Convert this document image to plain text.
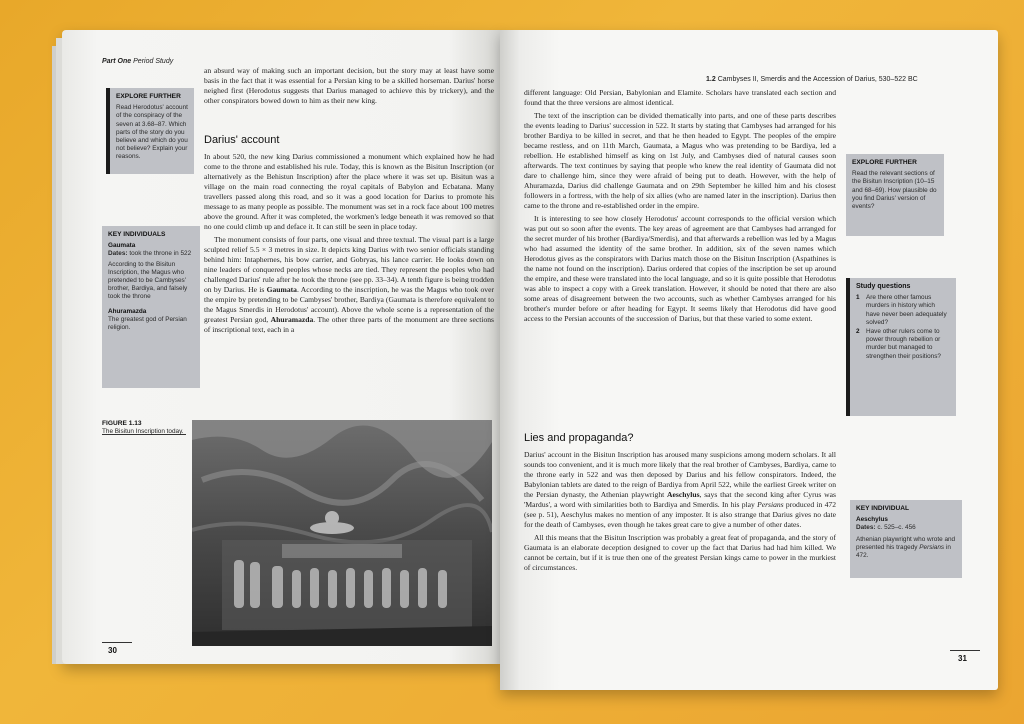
Part One Period Study

an absurd way of making such an important decision, but the story may at least have some basis in the fact that it was essential for a Persian king to be a skilled horseman. Darius' horse neighed first (Herodotus suggests that Darius managed to achieve this by trickery), and the other conspirators bowed down to him as their new king.

EXPLORE FURTHER
Read Herodotus' account of the conspiracy of the seven at 3.68–87. Which parts of the story do you believe and which do you not believe? Explain your reasons.
Darius' account

In about 520, the new king Darius commissioned a monument which explained how he had come to the throne and established his rule. Today, this is known as the Bisitun Inscription (or alternatively as the Behistun Inscription) after the place where it was set up. Bisitun was a village on the main road connecting the royal capitals of Babylon and Ecbatana. Many travellers passed along this road, and so it was a good location for Darius to promote his message to as many people as possible. The monument was set in a rock face about 100 metres above the ground. After it was completed, the workmen's ledge beneath it was removed so that no one could climb up and deface it. It can still be seen in place today.

The monument consists of four parts, one visual and three textual. The visual part is a large sculpted relief 5.5 × 3 metres in size. It depicts king Darius with two senior officials standing behind him: Intaphernes, his bow carrier, and Gobryas, his lance carrier. He looks down on nine leaders of conquered peoples whose necks are tied. They represent the peoples who had challenged Darius' rule after he took the throne (see pp. 33–34). A tenth figure is being trodden on by Darius. He is Gaumata. According to the inscription, he was the Magus who took over the empire by pretending to be Cambyses' brother, Bardiya (Gaumata is therefore equivalent to the Magus Smerdis in Herodotus' account). Above the whole scene is a representation of the greatest Persian god, Ahuramazda. The other three parts of the monument are three sections of inscriptional text, each in a

KEY INDIVIDUALS
Gaumata
Dates: took the throne in 522
According to the Bisitun Inscription, the Magus who pretended to be Cambyses' brother, Bardiya, and falsely took the throne
Ahuramazda
The greatest god of Persian religion.
FIGURE 1.13
The Bisitun Inscription today.
30
1.2 Cambyses II, Smerdis and the Accession of Darius, 530–522 BC

different language: Old Persian, Babylonian and Elamite. Scholars have translated each section and found that the three versions are almost identical.

The text of the inscription can be divided thematically into parts, and one of these parts describes the events leading to Darius' succession in 522. It starts by stating that Cambyses had arranged for his brother Bardiya to be killed in secret, and that he then headed to Egypt. The peoples of the empire became restless, and on 11th March, Gaumata, a Magus who was pretending to be Bardiya, led a rebellion. He established himself as king on 1st July, and Cambyses died of natural causes soon afterwards. The text continues by saying that people who knew the real identity of Gaumata did not dare to challenge him, since they were afraid of being put to death. However, with the help of Ahuramazda, Darius did challenge Gaumata and on 29th September he killed him and his closest followers in a fortress, with the help of six allies (who are named later in the inscription). Darius then came to the throne and re-established order in the empire.

It is interesting to see how closely Herodotus' account corresponds to the official version which was put out so soon after the events. The key areas of agreement are that Cambyses had arranged for the secret murder of his brother (Bardiya/Smerdis), and that afterwards a rebellion was led by a Magus who had assumed the identity of the same brother. In addition, six of the seven names which Herodotus gives as the conspirators with Darius match those on the Bisitun Inscription (Aspathines is the name not found on the inscription). Darius ordered that copies of the inscription be set up around the empire, and these were translated into the local language, and so it is quite possible that Herodotus was able to inspect a copy with a Greek translation. However, it should be noted that there are also some areas of disagreement between the two accounts, such as whether Cambyses arranged for his brother's murder before or after heading for Egypt. It seems likely that Herodotus did have good access to the Persian accounts of the succession of Darius, but that these varied to some extent.

Lies and propaganda?

Darius' account in the Bisitun Inscription has aroused many suspicions among modern scholars. It all sounds too convenient, and it is much more likely that the real brother of Cambyses, Bardiya, came to the throne early in 522 and was then deposed by Darius and his fellow conspirators. Indeed, the Babylonian tablets are dated to the reign of Bardiya from April 522, while the earliest Greek writer on the Persian dynasty, the Athenian playwright Aeschylus, says that the second king after Cyrus was 'Mardus', a word with similarities both to Bardiya and Smerdis. In his play Persians produced in 472 (see p. 51), Aeschylus makes no mention of any imposter. It is also strange that Darius gives no date for the death of Cambyses, even though he takes great care to give a number of other dates.

All this means that the Bisitun Inscription was probably a great feat of propaganda, and the story of Gaumata is an elaborate deception designed to cover up the fact that Darius had had him killed. We cannot be certain, but if it is true then one of the greatest Persian kings came to power in the murkiest of circumstances.

EXPLORE FURTHER
Read the relevant sections of the Bisitun Inscription (10–15 and 68–69). How plausible do you find Darius' version of events?
Study questions
1	Are there other famous murders in history which have never been adequately solved?
2	Have other rulers come to power through rebellion or murder but managed to strengthen their positions?
KEY INDIVIDUAL
Aeschylus
Dates: c. 525–c. 456
Athenian playwright who wrote and presented his tragedy Persians in 472.
31
